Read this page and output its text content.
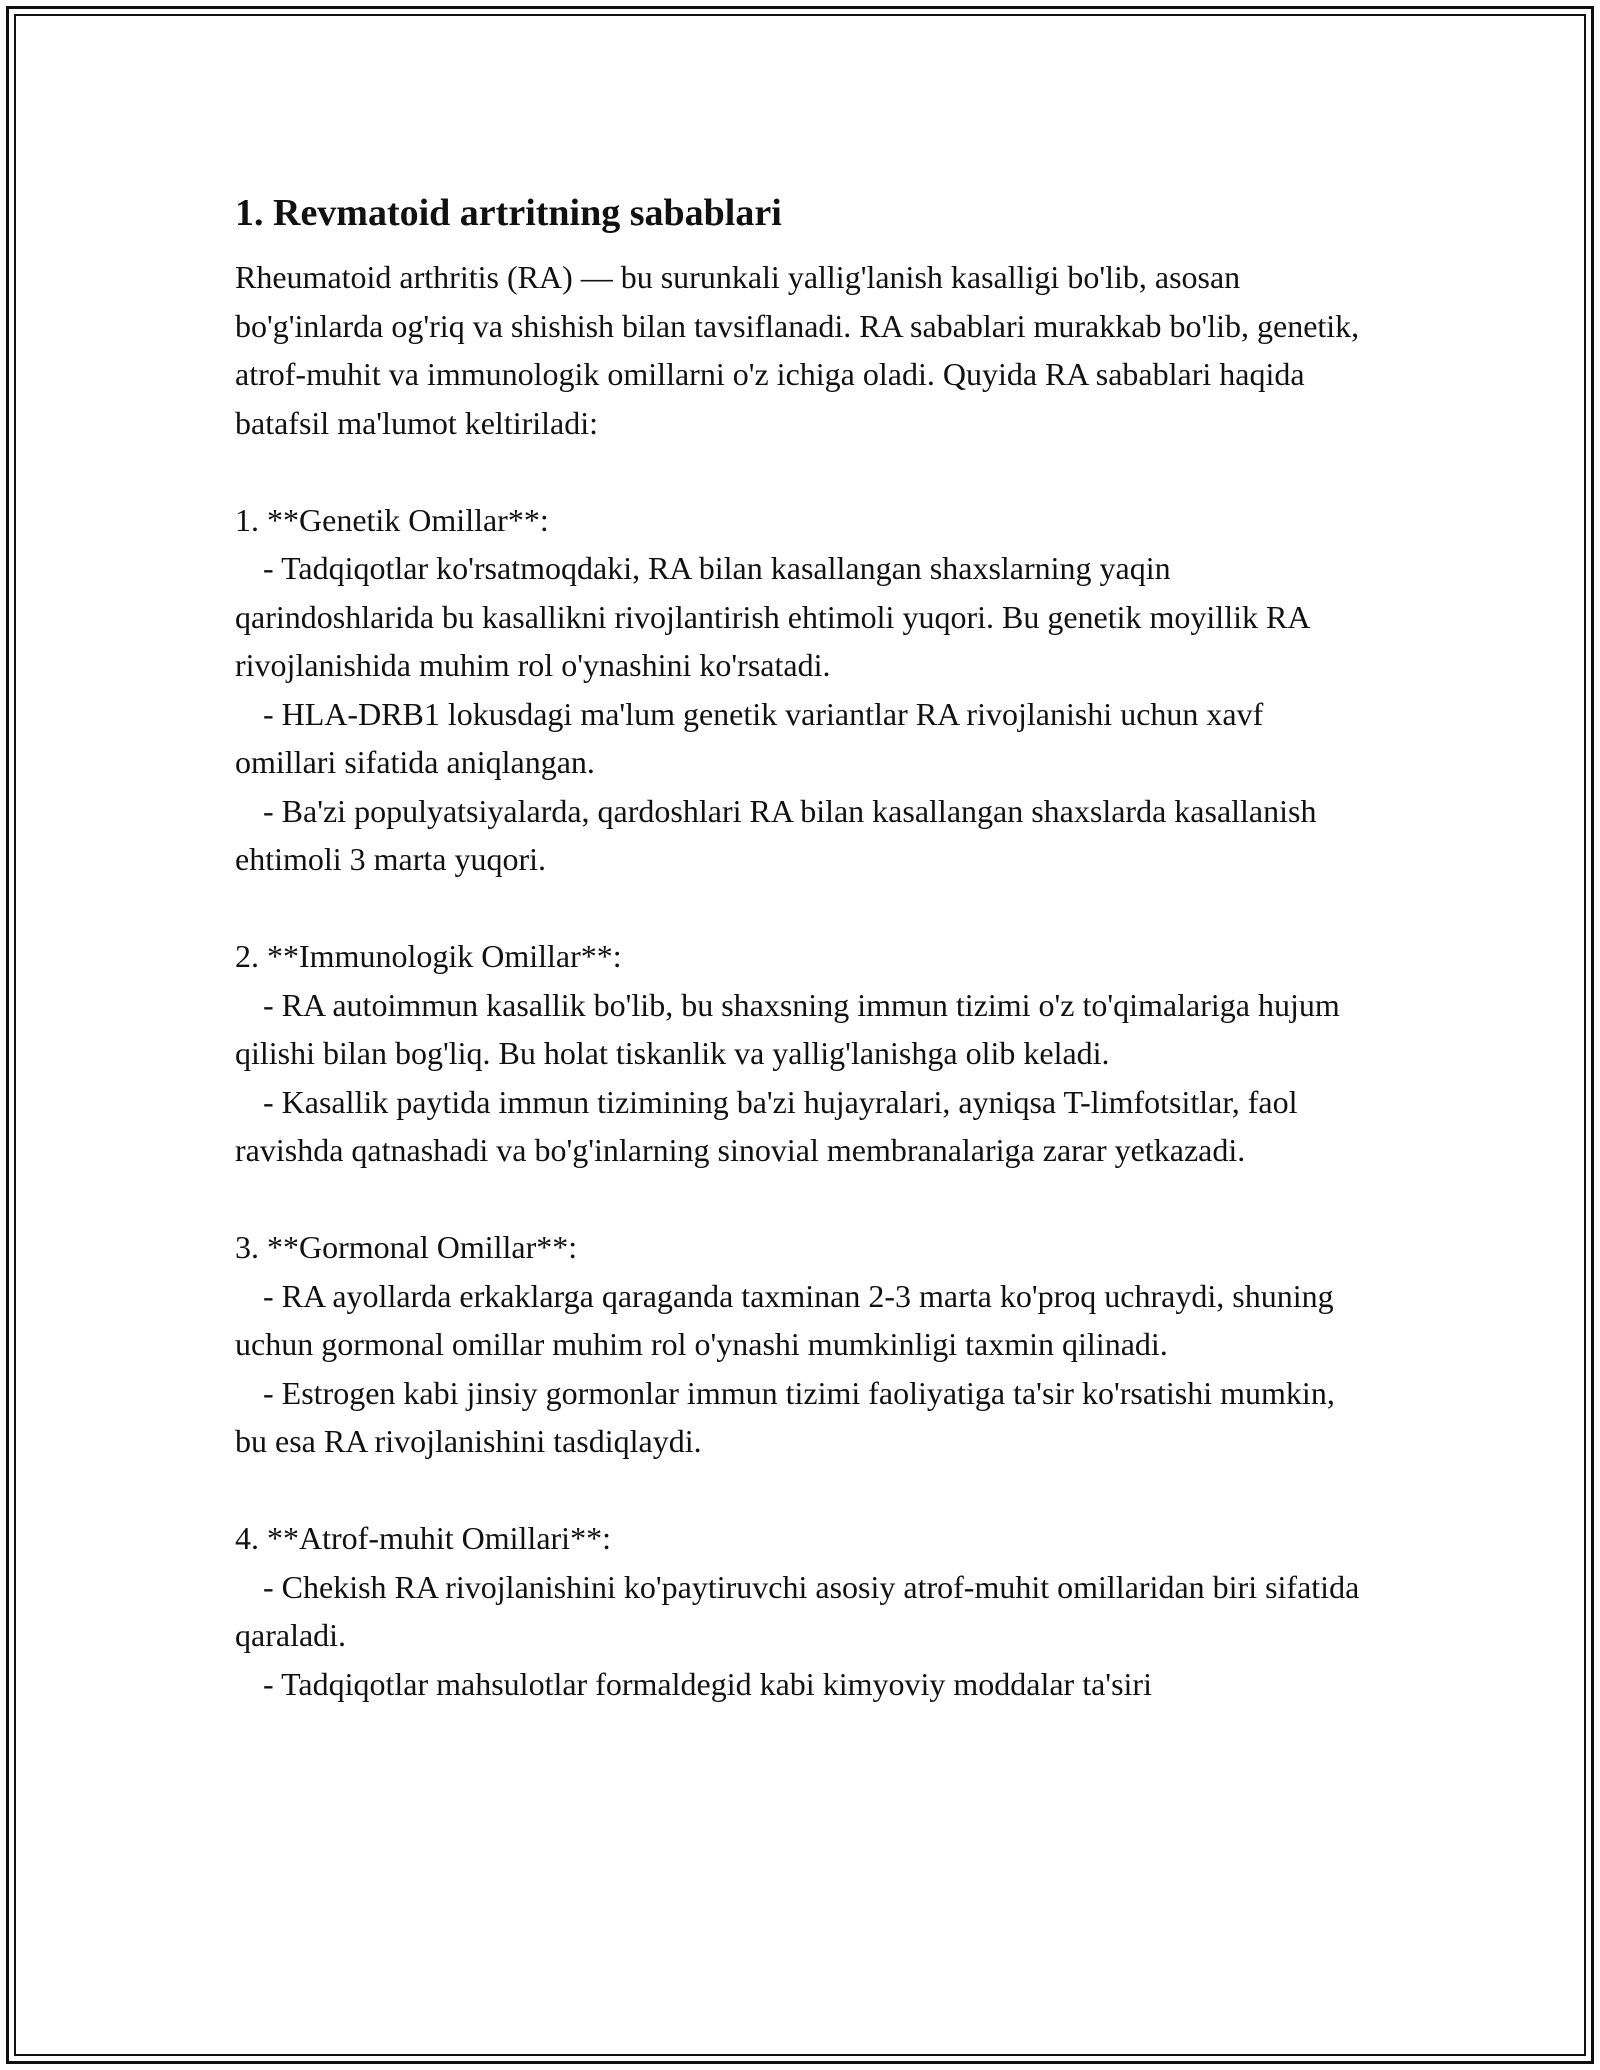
1. Revmatoid artritning sabablari

Rheumatoid arthritis (RA) — bu surunkali yallig'lanish kasalligi bo'lib, asosan bo'g'inlarda og'riq va shishish bilan tavsiflanadi. RA sabablari murakkab bo'lib, genetik, atrof-muhit va immunologik omillarni o'z ichiga oladi. Quyida RA sabablari haqida batafsil ma'lumot keltiriladi:

1. **Genetik Omillar**:

- Tadqiqotlar ko'rsatmoqdaki, RA bilan kasallangan shaxslarning yaqin qarindoshlarida bu kasallikni rivojlantirish ehtimoli yuqori. Bu genetik moyillik RA rivojlanishida muhim rol o'ynashini ko'rsatadi.

- HLA-DRB1 lokusdagi ma'lum genetik variantlar RA rivojlanishi uchun xavf omillari sifatida aniqlangan.

- Ba'zi populyatsiyalarda, qardoshlari RA bilan kasallangan shaxslarda kasallanish ehtimoli 3 marta yuqori.

2. **Immunologik Omillar**:

- RA autoimmun kasallik bo'lib, bu shaxsning immun tizimi o'z to'qimalariga hujum qilishi bilan bog'liq. Bu holat tiskanlik va yallig'lanishga olib keladi.

- Kasallik paytida immun tizimining ba'zi hujayralari, ayniqsa T-limfotsitlar, faol ravishda qatnashadi va bo'g'inlarning sinovial membranalariga zarar yetkazadi.

3. **Gormonal Omillar**:

- RA ayollarda erkaklarga qaraganda taxminan 2-3 marta ko'proq uchraydi, shuning uchun gormonal omillar muhim rol o'ynashi mumkinligi taxmin qilinadi.

- Estrogen kabi jinsiy gormonlar immun tizimi faoliyatiga ta'sir ko'rsatishi mumkin, bu esa RA rivojlanishini tasdiqlaydi.

4. **Atrof-muhit Omillari**:

- Chekish RA rivojlanishini ko'paytiruvchi asosiy atrof-muhit omillaridan biri sifatida qaraladi.

- Tadqiqotlar mahsulotlar formaldegid kabi kimyoviy moddalar ta'siri
